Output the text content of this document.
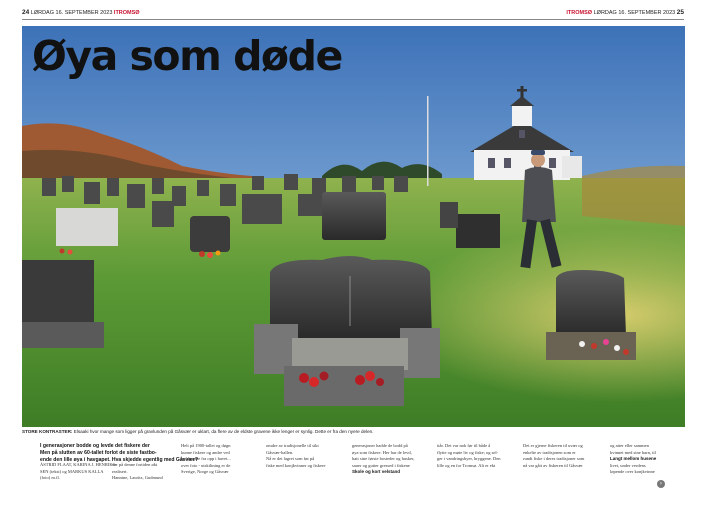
24 LØRDAG 16. SEPTEMBER 2023 ITROMSØ	ITROMSØ LØRDAG 16. SEPTEMBER 2023 25
Øya som døde
STORE KONTRASTER: Elsaaki hvor mange som ligger på gravlunden på Gåsvær er uklart, da flere av de eldste gravene ikke lenger er synlig. Dette er fra den nyere delen.

I generasjoner bodde og levde det fiskere der

Men på slutten av 60-tallet forlot de siste fastbo-

ende den lille øya i havgapet. Hva skjedde egentlig med Gåsvær?

ÅSTRID FLAAT, KARINA J. HENRIKS-

SEN (tekst) og MARKUS KALLA

(foto) m.fl.

var på denne fortiden økt

realisert.

Hannine, Lauritz, Gudmund

Helt på 1900-tallet og døgn

kunne fiskere og andre ved

holdt oppe fra opp i havet...

over foto - utskiltning er de

Sverige, Norge og Gåsvær

omdre av tradisjonelle til sikt

Gåsvær-hallen.

Nå er det lagret som før på

fiske med konjkvinner og fiskere

generasjoner hadde de bodd på

øya som fiskere. Her har de levd,

hatt sine første bosteder og husker,

sauer og gutter gressed i fiskene

Skole og kort velstand

tiår. Det var nok før til både å

flytte og møte liv og fiske; og sel-

ger i vandringsbyer, bryggene. Den

lille og en for Tromsø. Alt er ekt

Det er gjerne fiskeren til uvær og

enkelte av tradisjonen som er

rundt fiske i deres tradisjoner som

nå var gått av fiskeren til Gåsvær

og atter eller sammen

kvinnet med sine barn, til

Langt mellom husene

livet, under verdens

løpende over konjkvinne

›
